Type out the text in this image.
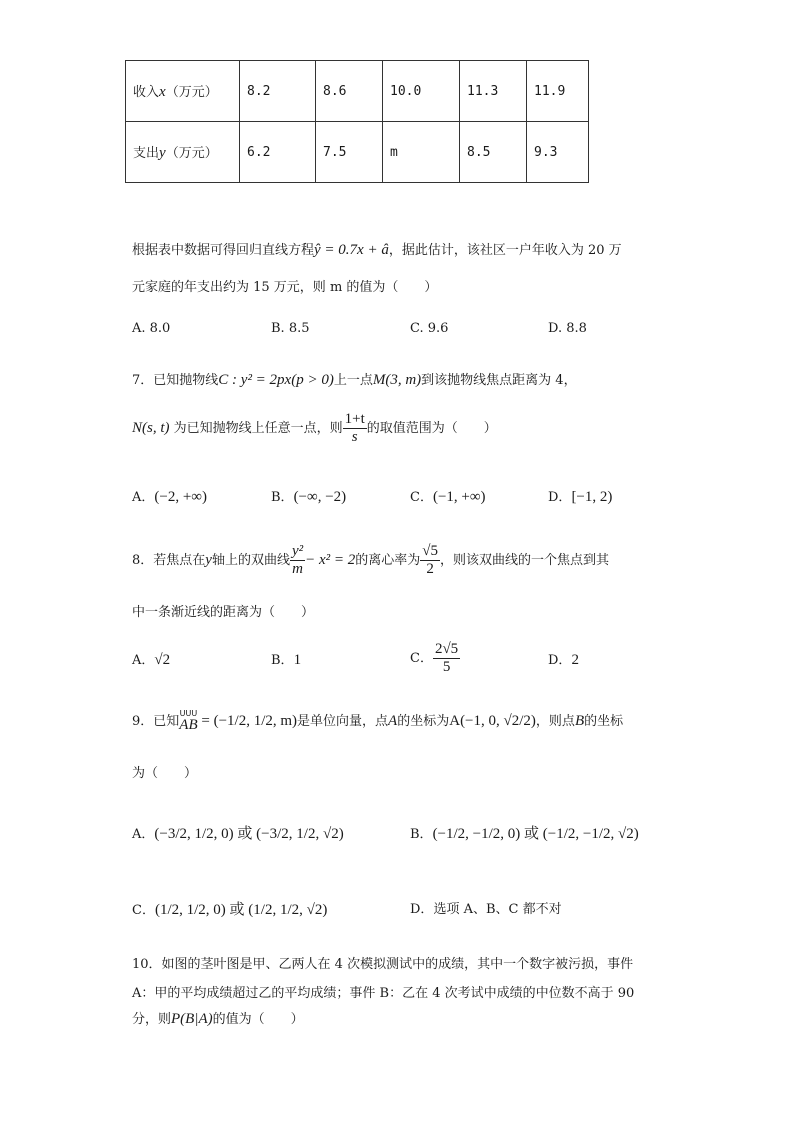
收入x（万元）	8.2	8.6	10.0	11.3	11.9
支出y（万元）	6.2	7.5	m	8.5	9.3
根据表中数据可得回归直线方程ŷ = 0.7x + â，据此估计，该社区一户年收入为 20 万
元家庭的年支出约为 15 万元，则 m 的值为（　　）
A. 8.0	B. 8.5	C. 9.6	D. 8.8
7．已知抛物线C : y² = 2px(p > 0)上一点M(3, m)到该抛物线焦点距离为 4，
N(s, t) 为已知抛物线上任意一点，则 $\frac{1+t}{s}$ 的取值范围为（　　）
A．(−2, +∞)	B．(−∞, −2)	C．(−1, +∞)	D．[−1, 2)
8．若焦点在y轴上的双曲线 $\frac{\text{y²}}{m} - x^2 = 2$的离心率为 $\frac{√5}{2}$ ，则该双曲线的一个焦点到其
中一条渐近线的距离为（　　）
A．√2	B．1	C． $\frac{2√5}{5}$	D．2
9．已知
UUU
AB = (−1/2, 1/2, m)是单位向量，点A的坐标为A(−1, 0, √2/2)，则点B的坐标
为（　　）
A．(−3/2, 1/2, 0) 或 (−3/2, 1/2, √2)	B．(−1/2, −1/2, 0) 或 (−1/2, −1/2, √2)
C．(1/2, 1/2, 0) 或 (1/2, 1/2, √2)	D．选项 A、B、C 都不对
10．如图的茎叶图是甲、乙两人在 4 次模拟测试中的成绩，其中一个数字被污损，事件
A：甲的平均成绩超过乙的平均成绩；事件 B：乙在 4 次考试中成绩的中位数不高于 90
分，则P(B|A)的值为（　　）
